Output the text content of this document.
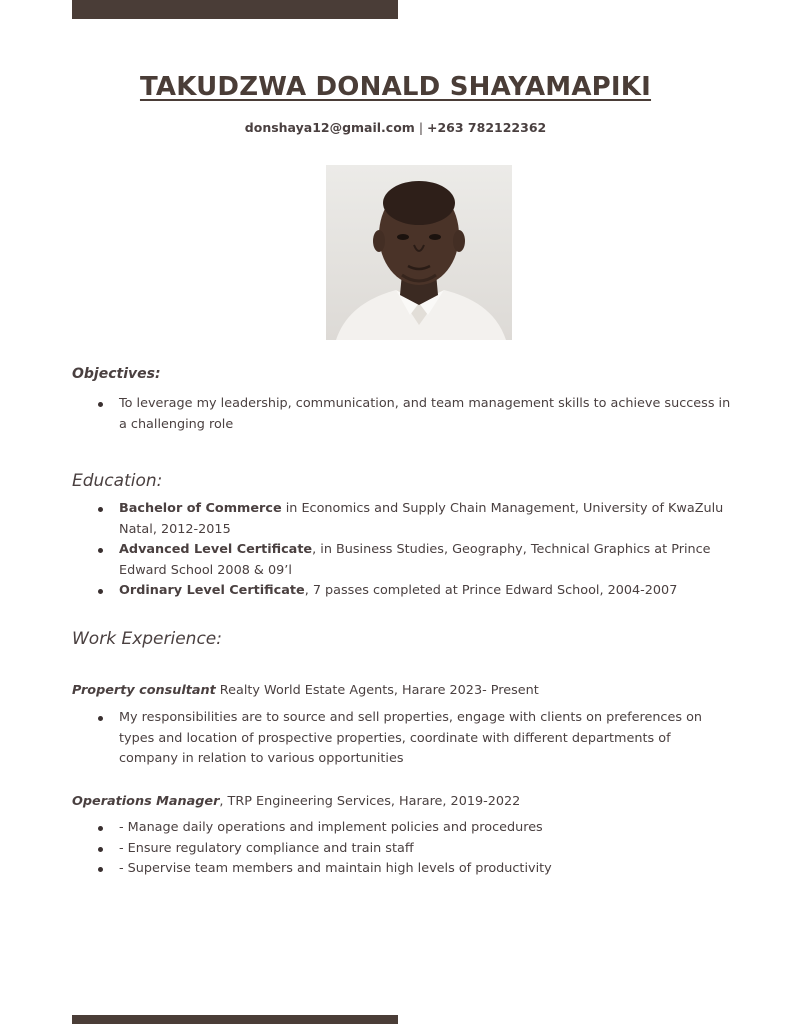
TAKUDZWA DONALD SHAYAMAPIKI
donshaya12@gmail.com | +263 782122362
Objectives:
To leverage my leadership, communication, and team management skills to achieve success in a challenging role
Education:
Bachelor of Commerce in Economics and Supply Chain Management, University of KwaZulu Natal, 2012-2015
Advanced Level Certificate, in Business Studies, Geography, Technical Graphics at Prince Edward School 2008 & 09’l
Ordinary Level Certificate, 7 passes completed at Prince Edward School, 2004-2007
Work Experience:
Property consultant Realty World Estate Agents, Harare 2023- Present
My responsibilities are to source and sell properties, engage with clients on preferences on types and location of prospective properties, coordinate with different departments of company in relation to various opportunities
Operations Manager, TRP Engineering Services, Harare, 2019-2022
- Manage daily operations and implement policies and procedures
- Ensure regulatory compliance and train staff
- Supervise team members and maintain high levels of productivity
